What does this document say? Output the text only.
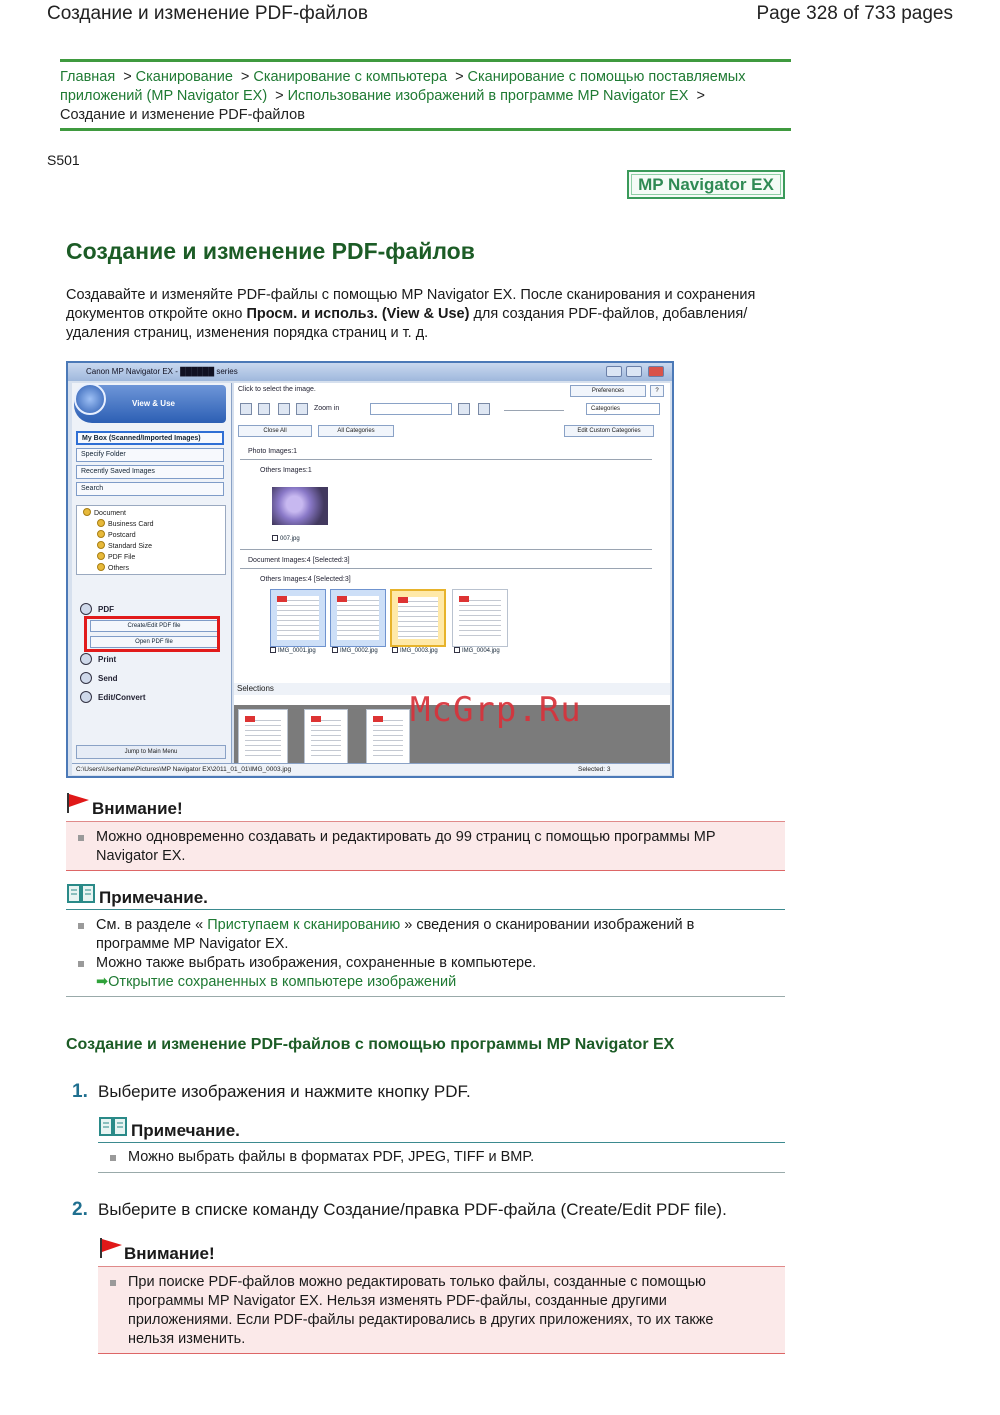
Создание и изменение PDF-файлов	Page 328 of 733 pages
Главная > Сканирование > Сканирование с компьютера > Сканирование с помощью поставляемых приложений (MP Navigator EX) > Использование изображений в программе MP Navigator EX >
Создание и изменение PDF-файлов
S501
MP Navigator EX
Создание и изменение PDF-файлов
Создавайте и изменяйте PDF-файлы с помощью MP Navigator EX. После сканирования и сохранения документов откройте окно Просм. и использ. (View & Use) для создания PDF-файлов, добавления/удаления страниц, изменения порядка страниц и т. д.
Canon MP Navigator EX - ██████ series
View & Use
My Box (Scanned/Imported Images)
Specify Folder
Recently Saved Images
Search
Document
Business Card
Postcard
Standard Size
PDF File
Others
PDF
Create/Edit PDF file
Open PDF file
Print
Send
Edit/Convert
Jump to Main Menu
Click to select the image.	Preferences	?
Zoom in	Categories
Close All	All Categories	Edit Custom Categories
Photo Images:1
Others Images:1
007.jpg
Document Images:4 [Selected:3]
Others Images:4 [Selected:3]
IMG_0001.jpg	IMG_0002.jpg	IMG_0003.jpg	IMG_0004.jpg
Selections
C:\Users\UserName\Pictures\MP Navigator EX\2011_01_01\IMG_0003.jpg	Selected: 3
McGrp.Ru
Внимание!
Можно одновременно создавать и редактировать до 99 страниц с помощью программы MP Navigator EX.
Примечание.
См. в разделе « Приступаем к сканированию » сведения о сканировании изображений в программе MP Navigator EX.
Можно также выбрать изображения, сохраненные в компьютере.
➡Открытие сохраненных в компьютере изображений
Создание и изменение PDF-файлов с помощью программы MP Navigator EX
1. Выберите изображения и нажмите кнопку PDF.
Примечание.
Можно выбрать файлы в форматах PDF, JPEG, TIFF и BMP.
2. Выберите в списке команду Создание/правка PDF-файла (Create/Edit PDF file).
Внимание!
При поиске PDF-файлов можно редактировать только файлы, созданные с помощью программы MP Navigator EX. Нельзя изменять PDF-файлы, созданные другими приложениями. Если PDF-файлы редактировались в других приложениях, то их также нельзя изменить.
